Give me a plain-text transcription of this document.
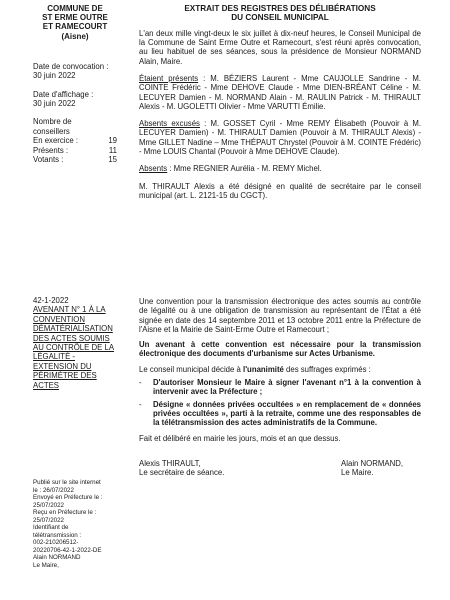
COMMUNE DE
ST ERME OUTRE
ET RAMECOURT
(Aisne)
Date de convocation :
30 juin 2022
Date d'affichage :
30 juin 2022
Nombre de
conseillers
En exercice :	19
Présents :	11
Votants :	15
42-1-2022
AVENANT N° 1 À LA CONVENTION DÉMATÉRIALISATION DES ACTES SOUMIS AU CONTRÔLE DE LA LÉGALITÉ - EXTENSION DU PÉRIMÈTRE DES ACTES
Publié sur le site internet
le : 26/07/2022
Envoyé en Préfecture le :
25/07/2022
Reçu en Préfecture le :
25/07/2022
Identifiant de
télétransmission :
002-210206512-
20220706-42-1-2022-DE
Alain NORMAND
Le Maire,
EXTRAIT DES REGISTRES DES DÉLIBÉRATIONS
DU CONSEIL MUNICIPAL
L'an deux mille vingt-deux le six juillet à dix-neuf heures, le Conseil Municipal de la Commune de Saint Erme Outre et Ramecourt, s'est réuni après convocation, au lieu habituel de ses séances, sous la présidence de Monsieur NORMAND Alain, Maire.
Étaient présents : M. BÉZIERS Laurent - Mme CAUJOLLE Sandrine - M. COINTE Frédéric - Mme DEHOVE Claude - Mme DIEN-BRÉANT Céline - M. LECUYER Damien - M. NORMAND Alain - M. RAULIN Patrick - M. THIRAULT Alexis - M. UGOLETTI Olivier - Mme VARUTTI Émilie.
Absents excusés : M. GOSSET Cyril - Mme REMY Élisabeth (Pouvoir à M. LECUYER Damien) - M. THIRAULT Damien (Pouvoir à M. THIRAULT Alexis) - Mme GILLET Nadine – Mme THÉPAUT Chrystel (Pouvoir à M. COINTE Frédéric) - Mme LOUIS Chantal (Pouvoir à Mme DEHOVE Claude).
Absents : Mme REGNIER Aurélia - M. REMY Michel.
M. THIRAULT Alexis a été désigné en qualité de secrétaire par le conseil municipal (art. L. 2121-15 du CGCT).
Une convention pour la transmission électronique des actes soumis au contrôle de légalité ou à une obligation de transmission au représentant de l'État a été signée en date des 14 septembre 2011 et 13 octobre 2011 entre la Préfecture de l'Aisne et la Mairie de Saint-Erme Outre et Ramecourt ;
Un avenant à cette convention est nécessaire pour la transmission électronique des documents d'urbanisme sur Actes Urbanisme.
Le conseil municipal décide à l'unanimité des suffrages exprimés :
-	D'autoriser Monsieur le Maire à signer l'avenant n°1 à la convention à intervenir avec la Préfecture ;
-	Désigne « données privées occultées » en remplacement de « données privées occultées », parti à la retraite, comme une des responsables de la télétransmission des actes administratifs de la Commune.
Fait et délibéré en mairie les jours, mois et an que dessus.
Alexis THIRAULT,
Le secrétaire de séance.
Alain NORMAND,
Le Maire.
